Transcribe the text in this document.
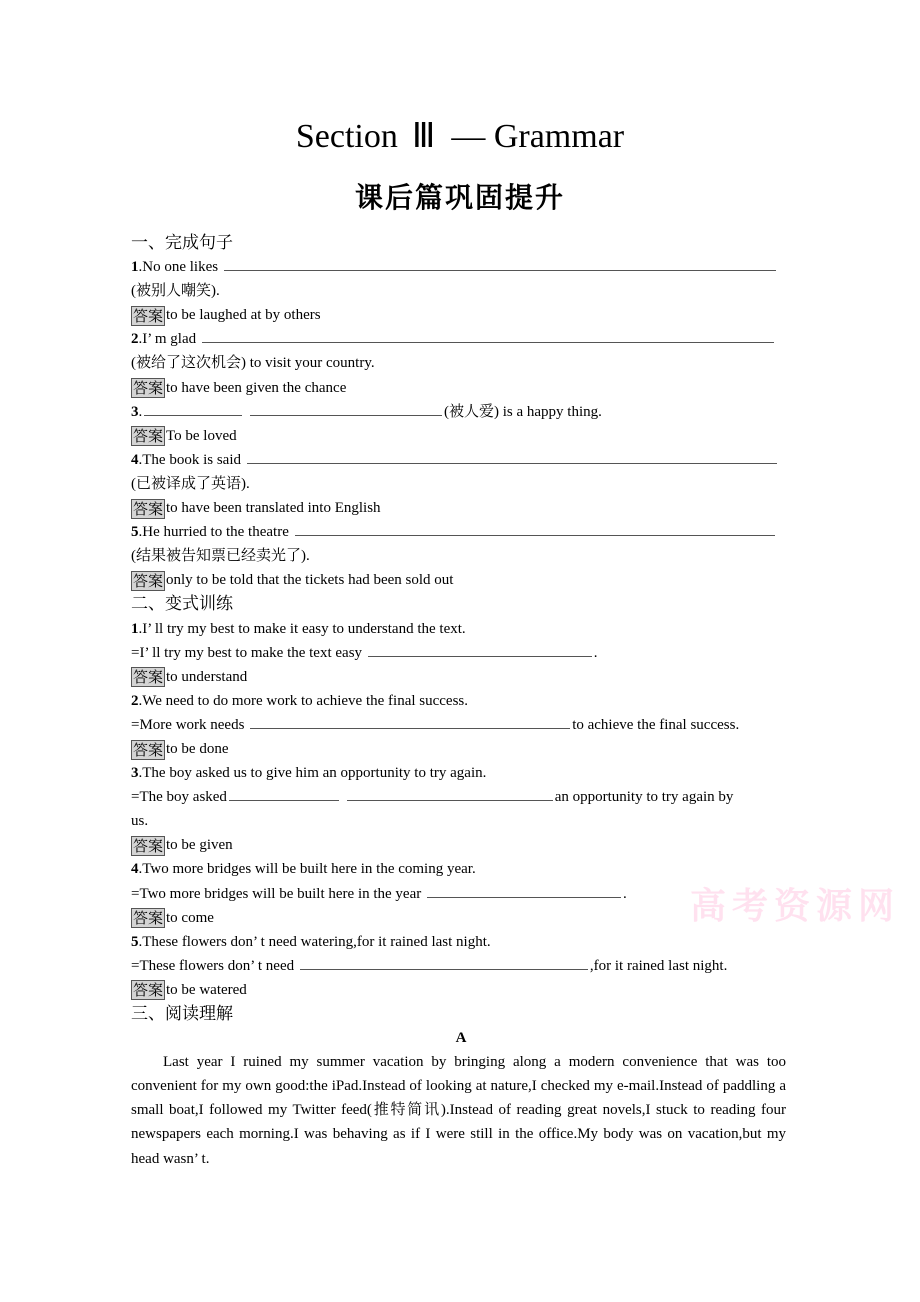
Section Ⅲ — Grammar
课后篇巩固提升
高考资源网
一、完成句子
1.No one likes
(被别人嘲笑).
答案 to be laughed at by others
2.I’ m glad
(被给了这次机会) to visit your country.
答案 to have been given the chance
3.	(被人爱) is a happy thing.
答案 To be loved
4.The book is said
(已被译成了英语).
答案 to have been translated into English
5.He hurried to the theatre
(结果被告知票已经卖光了).
答案 only to be told that the tickets had been sold out
二、变式训练
1.I’ ll try my best to make it easy to understand the text.
=I’ ll try my best to make the text easy	.
答案 to understand
2.We need to do more work to achieve the final success.
=More work needs	to achieve the final success.
答案 to be done
3.The boy asked us to give him an opportunity to try again.
=The boy asked	an opportunity to try again by
us.
答案 to be given
4.Two more bridges will be built here in the coming year.
=Two more bridges will be built here in the year	.
答案 to come
5.These flowers don’ t need watering,for it rained last night.
=These flowers don’ t need	,for it rained last night.
答案 to be watered
三、阅读理解
A
Last year I ruined my summer vacation by bringing along a modern convenience that was too convenient for my own good:the iPad.Instead of looking at nature,I checked my e-mail.Instead of paddling a small boat,I followed my Twitter feed(推特简讯).Instead of reading great novels,I stuck to reading four newspapers each morning.I was behaving as if I were still in the office.My body was on vacation,but my head wasn’ t.
